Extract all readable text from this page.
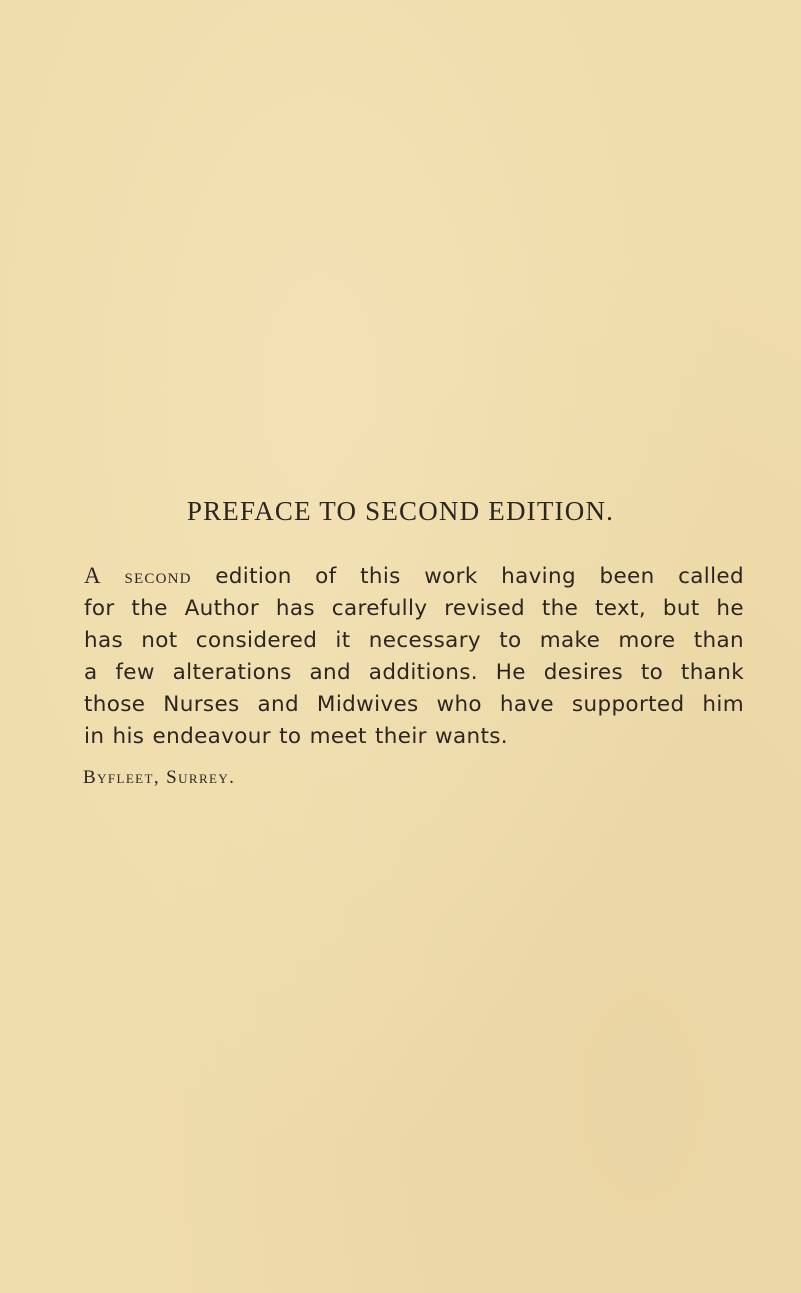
PREFACE TO SECOND EDITION.
A second edition of this work having been called
for the Author has carefully revised the text, but he
has not considered it necessary to make more than
a few alterations and additions. He desires to thank
those Nurses and Midwives who have supported him
in his endeavour to meet their wants.
Byfleet, Surrey.
